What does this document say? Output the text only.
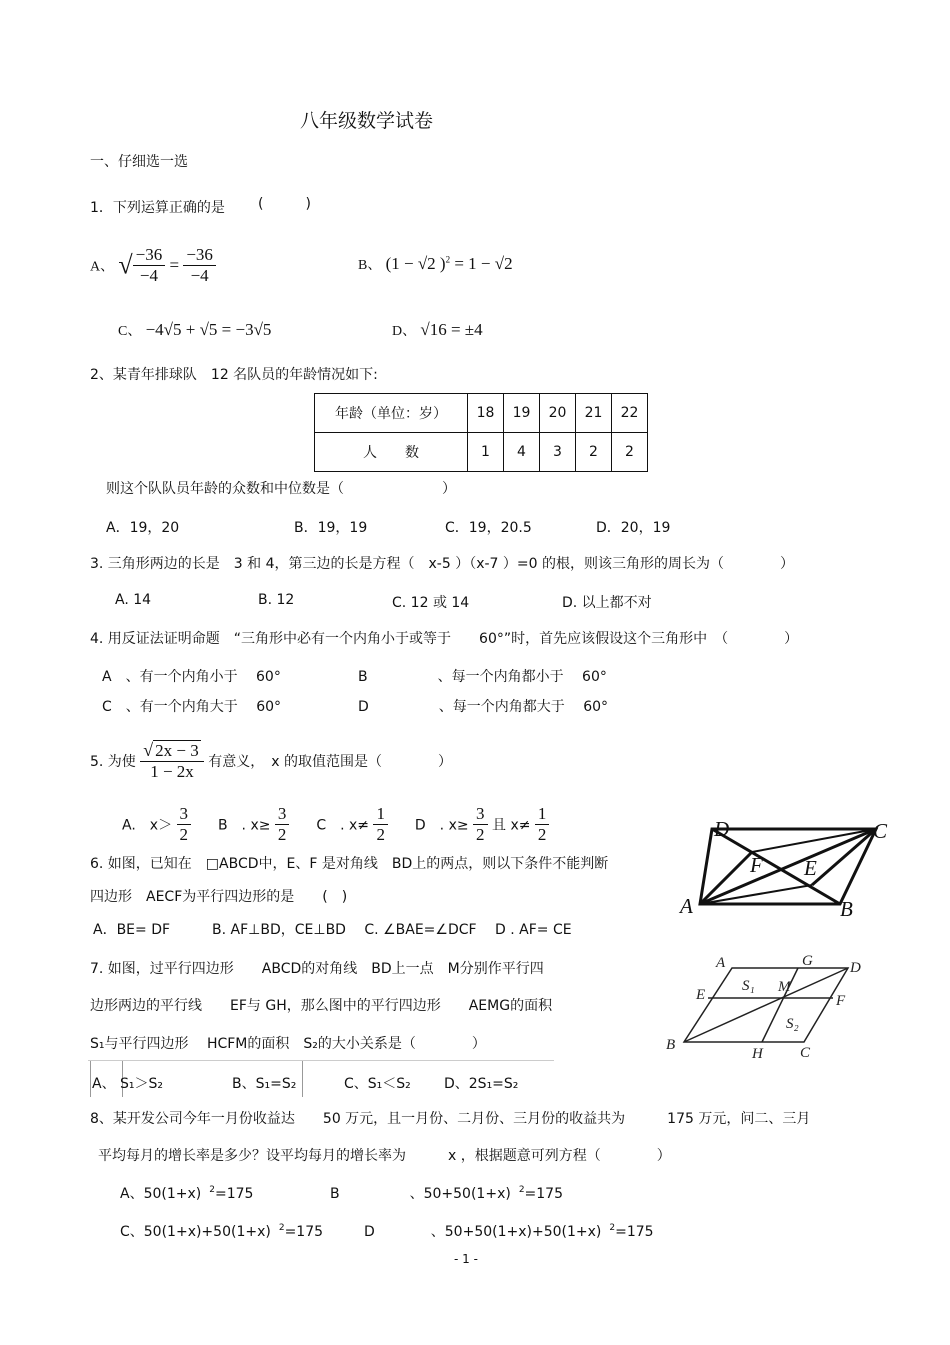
八年级数学试卷
一、仔细选一选
1．下列运算正确的是 (　　　)
A、 √ $\frac{-36}{-4} = \frac{-36}{-4}$	B、 (1 − √2 )$^2$ = 1 − √2
C、 −4√5 + √5 = −3√5	D、 √16 = ±4
2、某青年排球队　12 名队员的年龄情况如下:
年龄（单位：岁）	18	19	20	21	22
人　　数	1	4	3	2	2
则这个队队员年龄的众数和中位数是（　　　　　　　）
A．19，20	B．19，19	C．19，20.5	D．20，19
3. 三角形两边的长是　3 和 4，第三边的长是方程（　x-5 ）（x-7 ）=0 的根，则该三角形的周长为（　　　　）
A. 14	B. 12	C. 12 或 14	D. 以上都不对
4. 用反证法证明命题　“三角形中必有一个内角小于或等于　　60°”时，首先应该假设这个三角形中　（　　　　）
A　、有一个内角小于　 60°	B　　　　　、每一个内角都小于　 60°
C　、有一个内角大于　 60°	D　　　　　、每一个内角都大于　 60°
5. 为使 $\frac{√ 2x - 3}{1 - 2x}$ 有意义，　x 的取值范围是（　　　　）
A.　$x> \frac{3}{2}$ B　. $x\ge \frac{3}{2}$ C　. $x\ne \frac{1}{2}$ D　. $x\ge \frac{3}{2}$ 且 $x\ne \frac{1}{2}$
6. 如图，已知在　□ABCD中，E、F 是对角线　BD上的两点，则以下条件不能判断
四边形　AECF为平行四边形的是　　(　)
A．BE= DF　　　B. AF⊥BD，CE⊥BD　 C. ∠BAE=∠DCF　 D . AF= CE
D	C
A	B
F E
7. 如图，过平行四边形　　ABCD的对角线　BD上一点　M分别作平行四
边形两边的平行线　　EF与 GH，那么图中的平行四边形　　AEMG的面积
S₁与平行四边形　 HCFM的面积　S₂的大小关系是（　　　　）
A、 S₁＞S₂	B、S₁=S₂	C、S₁＜S₂ D、2S₁=S₂
A	G D
E
S₁ M
F
S₂
B
H C
8、某开发公司今年一月份收益达　　50 万元，且一月份、二月份、三月份的收益共为　　　175 万元，问二、三月
平均每月的增长率是多少？设平均每月的增长率为　　　x ，根据题意可列方程（　　　　）
A、50(1+x) $^2$=175	B　　　　　、50+50(1+x) $^2$=175
C、50(1+x)+50(1+x) $^2$=175	D　　　　、50+50(1+x)+50(1+x) $^2$=175
- 1 -
